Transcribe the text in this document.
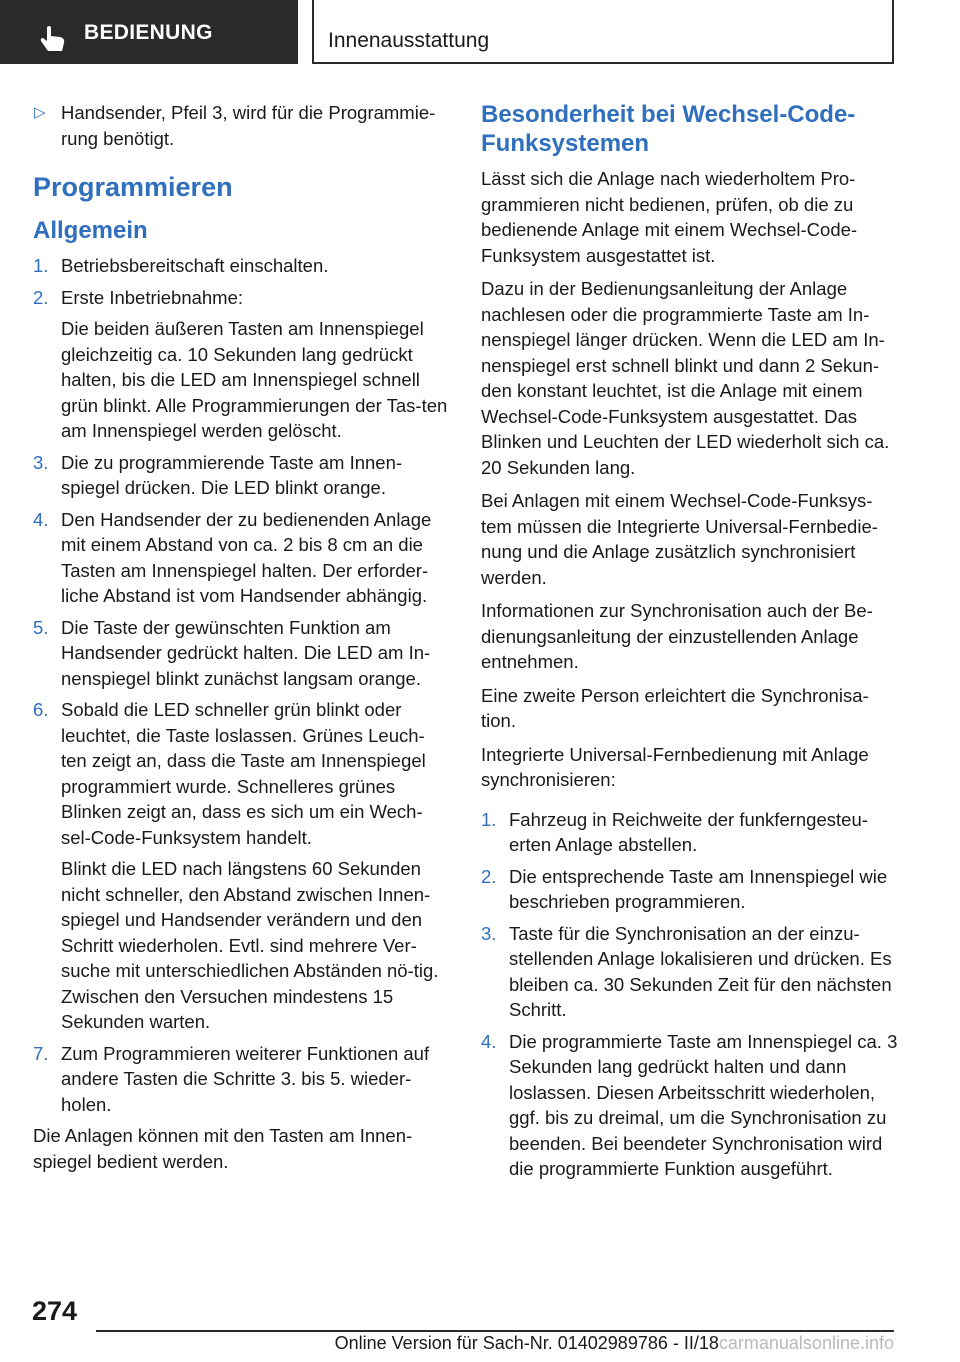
BEDIENUNG	Innenausstattung
▷ Handsender, Pfeil 3, wird für die Programmie‐rung benötigt.
Programmieren
Allgemein
1. Betriebsbereitschaft einschalten.
2. Erste Inbetriebnahme:
Die beiden äußeren Tasten am Innenspiegel gleichzeitig ca. 10 Sekunden lang gedrückt halten, bis die LED am Innenspiegel schnell grün blinkt. Alle Programmierungen der Tas‐ten am Innenspiegel werden gelöscht.
3. Die zu programmierende Taste am Innen‐spiegel drücken. Die LED blinkt orange.
4. Den Handsender der zu bedienenden Anlage mit einem Abstand von ca. 2 bis 8 cm an die Tasten am Innenspiegel halten. Der erforder‐liche Abstand ist vom Handsender abhängig.
5. Die Taste der gewünschten Funktion am Handsender gedrückt halten. Die LED am In‐nenspiegel blinkt zunächst langsam orange.
6. Sobald die LED schneller grün blinkt oder leuchtet, die Taste loslassen. Grünes Leuch‐ten zeigt an, dass die Taste am Innenspiegel programmiert wurde. Schnelleres grünes Blinken zeigt an, dass es sich um ein Wech‐sel-Code-Funksystem handelt.
Blinkt die LED nach längstens 60 Sekunden nicht schneller, den Abstand zwischen Innen‐spiegel und Handsender verändern und den Schritt wiederholen. Evtl. sind mehrere Ver‐suche mit unterschiedlichen Abständen nö‐tig. Zwischen den Versuchen mindestens 15 Sekunden warten.
7. Zum Programmieren weiterer Funktionen auf andere Tasten die Schritte 3. bis 5. wieder‐holen.

Die Anlagen können mit den Tasten am Innen‐spiegel bedient werden.

Besonderheit bei Wechsel-Code-Funksystemen

Lässt sich die Anlage nach wiederholtem Pro‐grammieren nicht bedienen, prüfen, ob die zu bedienende Anlage mit einem Wechsel-Code-Funksystem ausgestattet ist.

Dazu in der Bedienungsanleitung der Anlage nachlesen oder die programmierte Taste am In‐nenspiegel länger drücken. Wenn die LED am In‐nenspiegel erst schnell blinkt und dann 2 Sekun‐den konstant leuchtet, ist die Anlage mit einem Wechsel-Code-Funksystem ausgestattet. Das Blinken und Leuchten der LED wiederholt sich ca. 20 Sekunden lang.

Bei Anlagen mit einem Wechsel-Code-Funksys‐tem müssen die Integrierte Universal-Fernbedie‐nung und die Anlage zusätzlich synchronisiert werden.

Informationen zur Synchronisation auch der Be‐dienungsanleitung der einzustellenden Anlage entnehmen.

Eine zweite Person erleichtert die Synchronisa‐tion.

Integrierte Universal-Fernbedienung mit Anlage synchronisieren:

1. Fahrzeug in Reichweite der funkferngesteu‐erten Anlage abstellen.
2. Die entsprechende Taste am Innenspiegel wie beschrieben programmieren.
3. Taste für die Synchronisation an der einzu‐stellenden Anlage lokalisieren und drücken. Es bleiben ca. 30 Sekunden Zeit für den nächsten Schritt.
4. Die programmierte Taste am Innenspiegel ca. 3 Sekunden lang gedrückt halten und dann loslassen. Diesen Arbeitsschritt wiederholen, ggf. bis zu dreimal, um die Synchronisation zu beenden. Bei beendeter Synchronisation wird die programmierte Funktion ausgeführt.
274
Online Version für Sach-Nr. 01402989786 - II/18carmanualsonline.info
